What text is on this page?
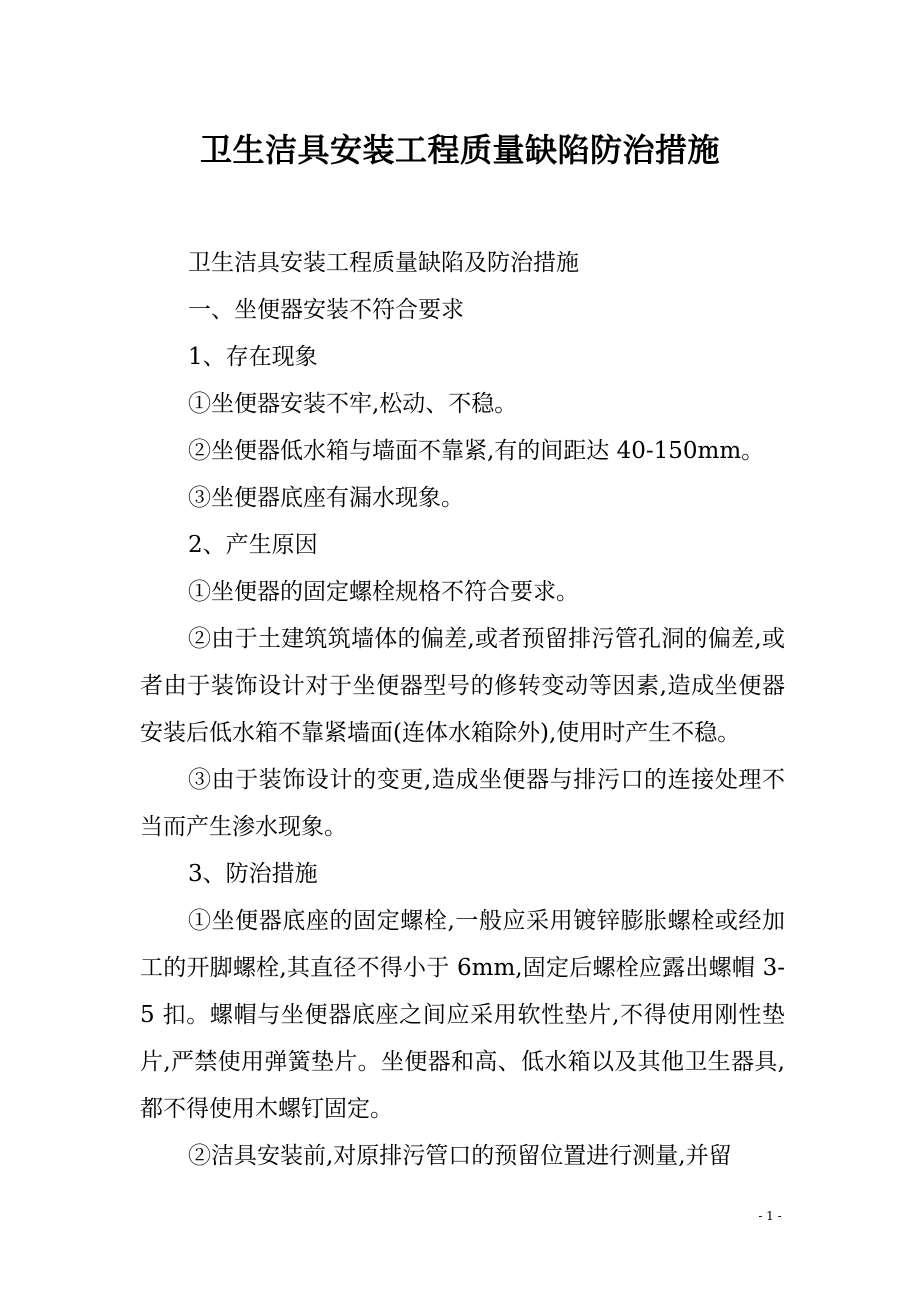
卫生洁具安装工程质量缺陷防治措施

卫生洁具安装工程质量缺陷及防治措施

一、坐便器安装不符合要求

1、存在现象

①坐便器安装不牢,松动、不稳。

②坐便器低水箱与墙面不靠紧,有的间距达 40-150mm。

③坐便器底座有漏水现象。

2、产生原因

①坐便器的固定螺栓规格不符合要求。

②由于土建筑筑墙体的偏差,或者预留排污管孔洞的偏差,或者由于装饰设计对于坐便器型号的修转变动等因素,造成坐便器安装后低水箱不靠紧墙面(连体水箱除外),使用时产生不稳。

③由于装饰设计的变更,造成坐便器与排污口的连接处理不当而产生渗水现象。

3、防治措施

①坐便器底座的固定螺栓,一般应采用镀锌膨胀螺栓或经加工的开脚螺栓,其直径不得小于 6mm,固定后螺栓应露出螺帽 3-5 扣。螺帽与坐便器底座之间应采用软性垫片,不得使用刚性垫片,严禁使用弹簧垫片。坐便器和高、低水箱以及其他卫生器具,都不得使用木螺钉固定。

②洁具安装前,对原排污管口的预留位置进行测量,并留

- 1 -
